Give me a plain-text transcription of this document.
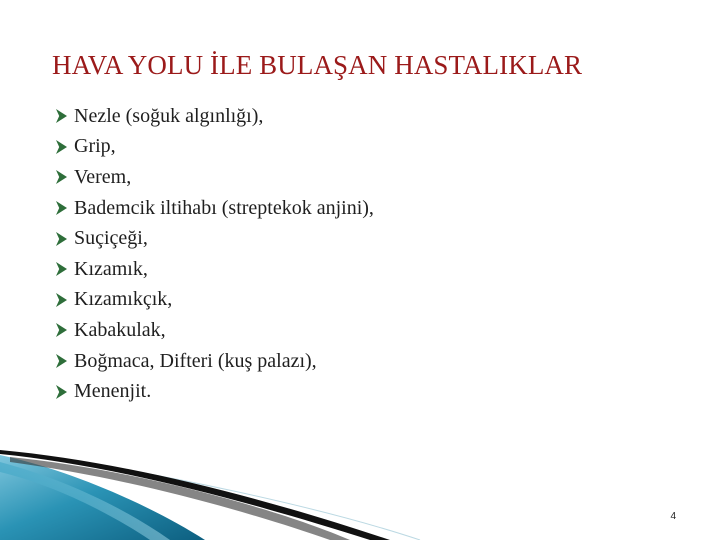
HAVA YOLU İLE BULAŞAN HASTALIKLAR
Nezle (soğuk algınlığı),
Grip,
Verem,
Bademcik iltihabı (streptekok anjini),
Suçiçeği,
Kızamık,
Kızamıkçık,
Kabakulak,
Boğmaca, Difteri (kuş palazı),
Menenjit.
4
